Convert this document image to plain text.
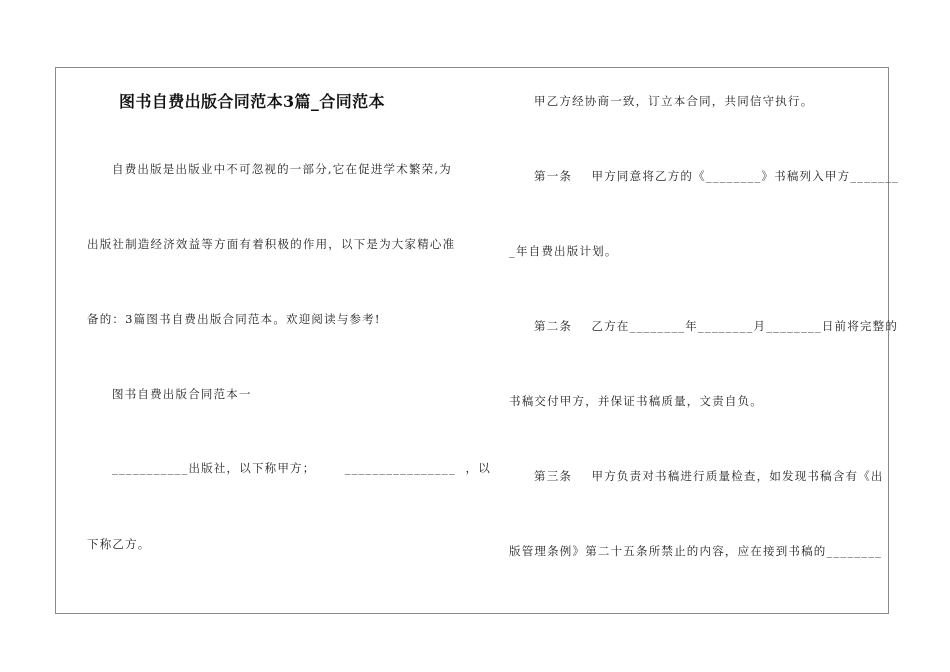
图书自费出版合同范本3篇_合同范本
自费出版是出版业中不可忽视的一部分,它在促进学术繁荣,为
出版社制造经济效益等方面有着积极的作用，以下是为大家精心准
备的：3篇图书自费出版合同范本。欢迎阅读与参考!
图书自费出版合同范本一
___________出版社，以下称甲方；      ________________  ，以
下称乙方。
甲乙方经协商一致，订立本合同，共同信守执行。
第一条    甲方同意将乙方的《________》书稿列入甲方_______
_年自费出版计划。
第二条    乙方在________年________月________日前将完整的
书稿交付甲方，并保证书稿质量，文责自负。
第三条    甲方负责对书稿进行质量检查，如发现书稿含有《出
版管理条例》第二十五条所禁止的内容，应在接到书稿的________
